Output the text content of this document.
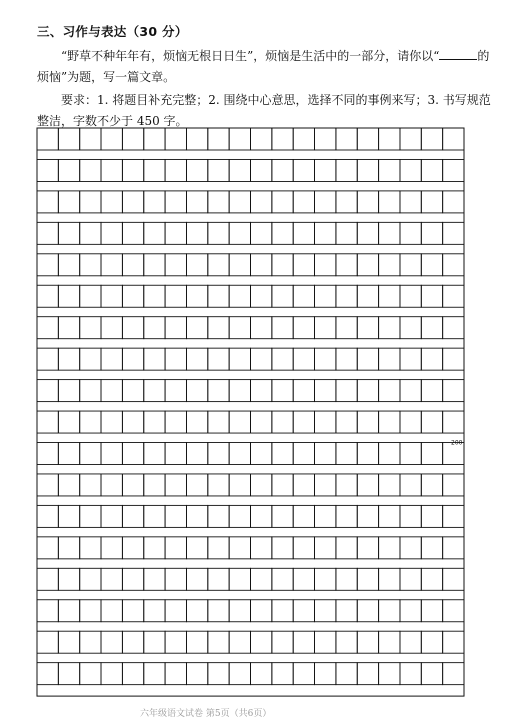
三、习作与表达（30 分）
“野草不种年年有，烦恼无根日日生”，烦恼是生活中的一部分，请你以“	的烦恼”为题，写一篇文章。
要求：1. 将题目补充完整；2. 围绕中心意思，选择不同的事例来写；3. 书写规范整洁，字数不少于 450 字。
200
六年级语文试卷 第5页（共6页）
